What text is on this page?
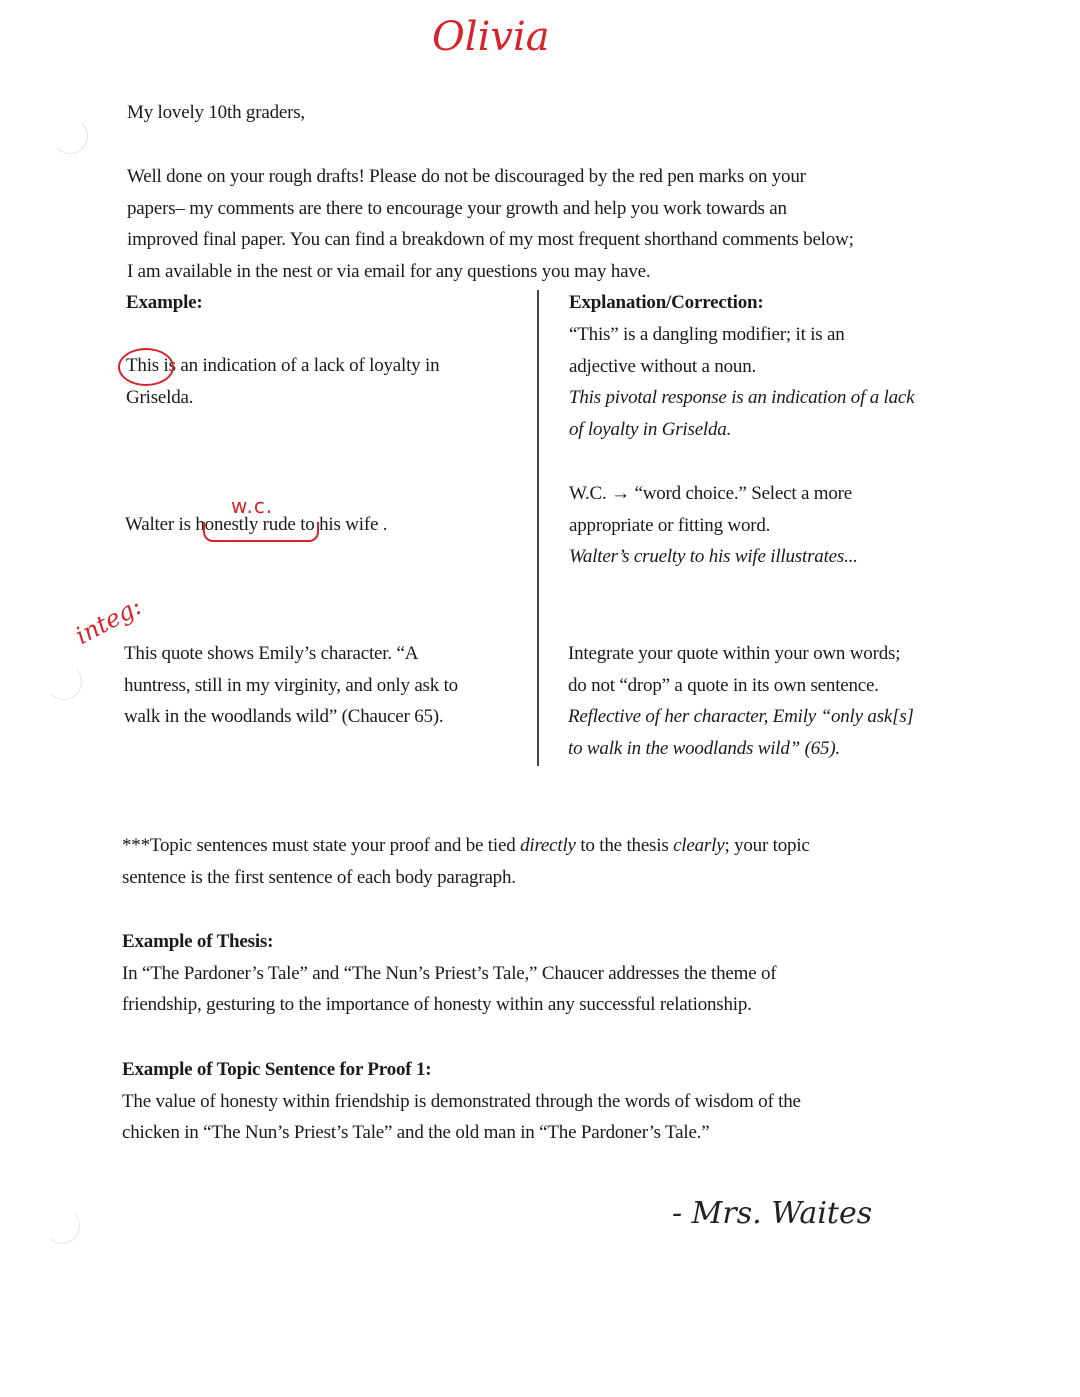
Olivia
My lovely 10th graders,
Well done on your rough drafts! Please do not be discouraged by the red pen marks on your
papers– my comments are there to encourage your growth and help you work towards an
improved final paper. You can find a breakdown of my most frequent shorthand comments below;
I am available in the nest or via email for any questions you may have.
Example:	Explanation/Correction:
This is an indication of a lack of loyalty in
Griselda.
“This” is a dangling modifier; it is an
adjective without a noun.
This pivotal response is an indication of a lack
of loyalty in Griselda.
Walter is honestly rude to his wife .
w.c.
W.C. → “word choice.” Select a more
appropriate or fitting word.
Walter’s cruelty to his wife illustrates...
integ:
This quote shows Emily’s character. “A
huntress, still in my virginity, and only ask to
walk in the woodlands wild” (Chaucer 65).
Integrate your quote within your own words;
do not “drop” a quote in its own sentence.
Reflective of her character, Emily “only ask[s]
to walk in the woodlands wild” (65).
***Topic sentences must state your proof and be tied directly to the thesis clearly; your topic
sentence is the first sentence of each body paragraph.
Example of Thesis:
In “The Pardoner’s Tale” and “The Nun’s Priest’s Tale,” Chaucer addresses the theme of
friendship, gesturing to the importance of honesty within any successful relationship.
Example of Topic Sentence for Proof 1:
The value of honesty within friendship is demonstrated through the words of wisdom of the
chicken in “The Nun’s Priest’s Tale” and the old man in “The Pardoner’s Tale.”
- Mrs. Waites
